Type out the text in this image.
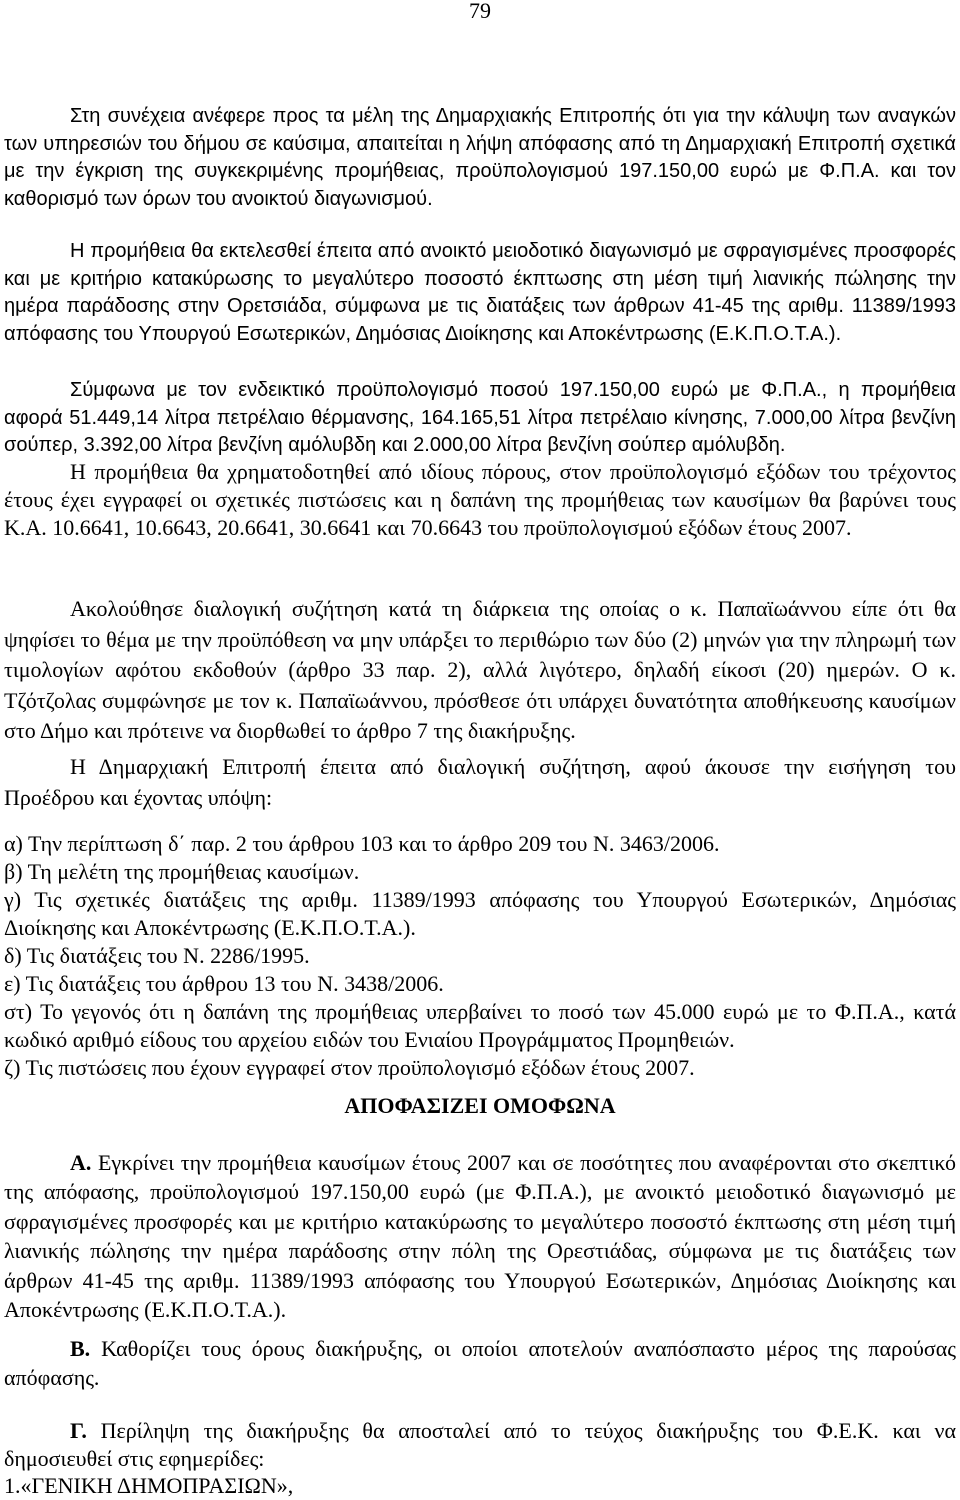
79

Στη συνέχεια ανέφερε προς τα μέλη της Δημαρχιακής Επιτροπής ότι για την κάλυψη των αναγκών των υπηρεσιών του δήμου σε καύσιμα, απαιτείται η λήψη απόφασης από τη Δημαρχιακή Επιτροπή σχετικά με την έγκριση της συγκεκριμένης προμήθειας, προϋπολογισμού 197.150,00 ευρώ με Φ.Π.Α. και τον καθορισμό των όρων του ανοικτού διαγωνισμού.

Η προμήθεια θα εκτελεσθεί έπειτα από ανοικτό μειοδοτικό διαγωνισμό με σφραγισμένες προσφορές και με κριτήριο κατακύρωσης το μεγαλύτερο ποσοστό έκπτωσης στη μέση τιμή λιανικής πώλησης την ημέρα παράδοσης στην Ορετσιάδα, σύμφωνα με τις διατάξεις των άρθρων 41-45 της αριθμ. 11389/1993 απόφασης του Υπουργού Εσωτερικών, Δημόσιας Διοίκησης και Αποκέντρωσης (Ε.Κ.Π.Ο.Τ.Α.).

Σύμφωνα με τον ενδεικτικό προϋπολογισμό ποσού 197.150,00 ευρώ με Φ.Π.Α., η προμήθεια αφορά 51.449,14 λίτρα πετρέλαιο θέρμανσης, 164.165,51 λίτρα πετρέλαιο κίνησης, 7.000,00 λίτρα βενζίνη σούπερ, 3.392,00 λίτρα βενζίνη αμόλυβδη και 2.000,00 λίτρα βενζίνη σούπερ αμόλυβδη.

Η προμήθεια θα χρηματοδοτηθεί από ιδίους πόρους, στον προϋπολογισμό εξόδων του τρέχοντος έτους έχει εγγραφεί οι σχετικές πιστώσεις και η δαπάνη της προμήθειας των καυσίμων θα βαρύνει τους Κ.Α. 10.6641, 10.6643, 20.6641, 30.6641 και 70.6643 του προϋπολογισμού εξόδων έτους 2007.

Ακολούθησε διαλογική συζήτηση κατά τη διάρκεια της οποίας ο κ. Παπαϊωάννου είπε ότι θα ψηφίσει το θέμα με την προϋπόθεση να μην υπάρξει το περιθώριο των δύο (2) μηνών για την πληρωμή των τιμολογίων αφότου εκδοθούν (άρθρο 33 παρ. 2), αλλά λιγότερο, δηλαδή είκοσι (20) ημερών. Ο κ. Τζότζολας συμφώνησε με τον κ. Παπαϊωάννου, πρόσθεσε ότι υπάρχει δυνατότητα αποθήκευσης καυσίμων στο Δήμο και πρότεινε να διορθωθεί το άρθρο 7 της διακήρυξης.

Η Δημαρχιακή Επιτροπή έπειτα από διαλογική συζήτηση, αφού άκουσε την εισήγηση του Προέδρου και έχοντας υπόψη:

α) Την περίπτωση δ΄ παρ. 2 του άρθρου 103 και το άρθρο 209 του Ν. 3463/2006.

β) Τη μελέτη της προμήθειας καυσίμων.

γ) Τις σχετικές διατάξεις της αριθμ. 11389/1993 απόφασης του Υπουργού Εσωτερικών, Δημόσιας Διοίκησης και Αποκέντρωσης (Ε.Κ.Π.Ο.Τ.Α.).

δ) Τις διατάξεις του Ν. 2286/1995.

ε) Τις διατάξεις του άρθρου 13 του Ν. 3438/2006.

στ) Το γεγονός ότι η δαπάνη της προμήθειας υπερβαίνει το ποσό των 45.000 ευρώ με το Φ.Π.Α., κατά κωδικό αριθμό είδους του αρχείου ειδών του Ενιαίου Προγράμματος Προμηθειών.

ζ) Τις πιστώσεις που έχουν εγγραφεί στον προϋπολογισμό εξόδων έτους 2007.

ΑΠΟΦΑΣΙΖΕΙ ΟΜΟΦΩΝΑ

Α. Εγκρίνει την προμήθεια καυσίμων έτους 2007 και σε ποσότητες που αναφέρονται στο σκεπτικό της απόφασης, προϋπολογισμού 197.150,00 ευρώ (με Φ.Π.Α.), με ανοικτό μειοδοτικό διαγωνισμό με σφραγισμένες προσφορές και με κριτήριο κατακύρωσης το μεγαλύτερο ποσοστό έκπτωσης στη μέση τιμή λιανικής πώλησης την ημέρα παράδοσης στην πόλη της Ορεστιάδας, σύμφωνα με τις διατάξεις των άρθρων 41-45 της αριθμ. 11389/1993 απόφασης του Υπουργού Εσωτερικών, Δημόσιας Διοίκησης και Αποκέντρωσης (Ε.Κ.Π.Ο.Τ.Α.).

Β. Καθορίζει τους όρους διακήρυξης, οι οποίοι αποτελούν αναπόσπαστο μέρος της παρούσας απόφασης.

Γ. Περίληψη της διακήρυξης θα αποσταλεί από το τεύχος διακήρυξης του Φ.Ε.Κ. και να δημοσιευθεί στις εφημερίδες:
1.«ΓΕΝΙΚΗ ΔΗΜΟΠΡΑΣΙΩΝ»,
